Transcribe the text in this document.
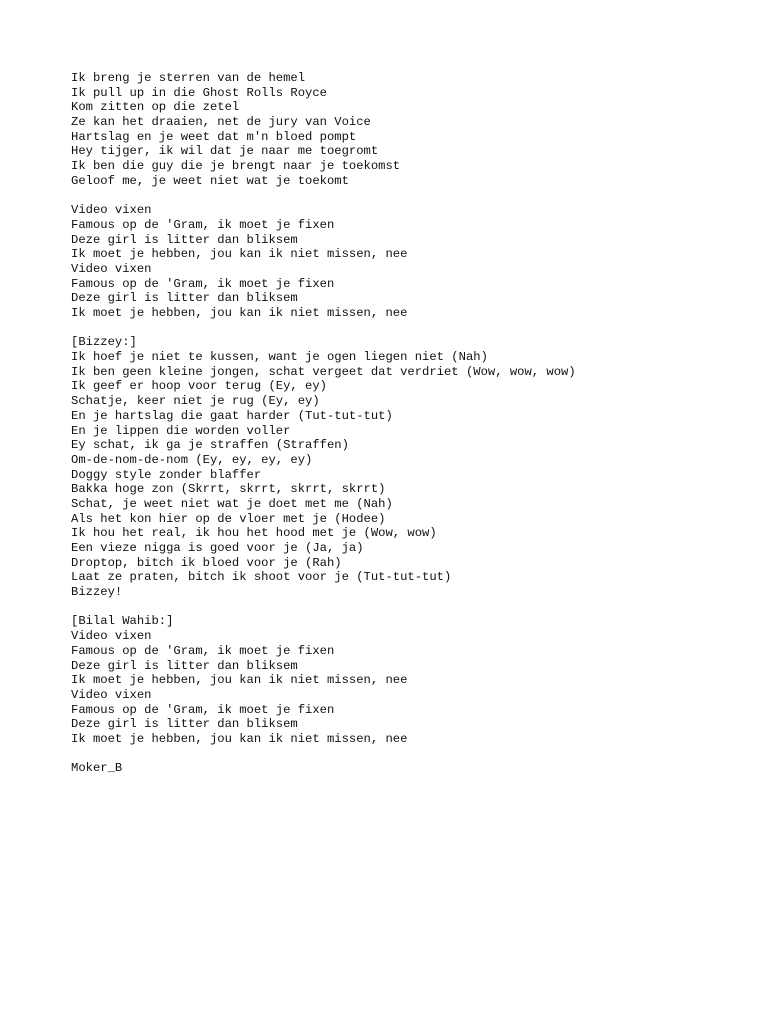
Ik breng je sterren van de hemel
Ik pull up in die Ghost Rolls Royce
Kom zitten op die zetel
Ze kan het draaien, net de jury van Voice
Hartslag en je weet dat m'n bloed pompt
Hey tijger, ik wil dat je naar me toegromt
Ik ben die guy die je brengt naar je toekomst
Geloof me, je weet niet wat je toekomt
Video vixen
Famous op de 'Gram, ik moet je fixen
Deze girl is litter dan bliksem
Ik moet je hebben, jou kan ik niet missen, nee
Video vixen
Famous op de 'Gram, ik moet je fixen
Deze girl is litter dan bliksem
Ik moet je hebben, jou kan ik niet missen, nee
[Bizzey:]
Ik hoef je niet te kussen, want je ogen liegen niet (Nah)
Ik ben geen kleine jongen, schat vergeet dat verdriet (Wow, wow, wow)
Ik geef er hoop voor terug (Ey, ey)
Schatje, keer niet je rug (Ey, ey)
En je hartslag die gaat harder (Tut-tut-tut)
En je lippen die worden voller
Ey schat, ik ga je straffen (Straffen)
Om-de-nom-de-nom (Ey, ey, ey, ey)
Doggy style zonder blaffer
Bakka hoge zon (Skrrt, skrrt, skrrt, skrrt)
Schat, je weet niet wat je doet met me (Nah)
Als het kon hier op de vloer met je (Hodee)
Ik hou het real, ik hou het hood met je (Wow, wow)
Een vieze nigga is goed voor je (Ja, ja)
Droptop, bitch ik bloed voor je (Rah)
Laat ze praten, bitch ik shoot voor je (Tut-tut-tut)
Bizzey!
[Bilal Wahib:]
Video vixen
Famous op de 'Gram, ik moet je fixen
Deze girl is litter dan bliksem
Ik moet je hebben, jou kan ik niet missen, nee
Video vixen
Famous op de 'Gram, ik moet je fixen
Deze girl is litter dan bliksem
Ik moet je hebben, jou kan ik niet missen, nee
Moker_B
